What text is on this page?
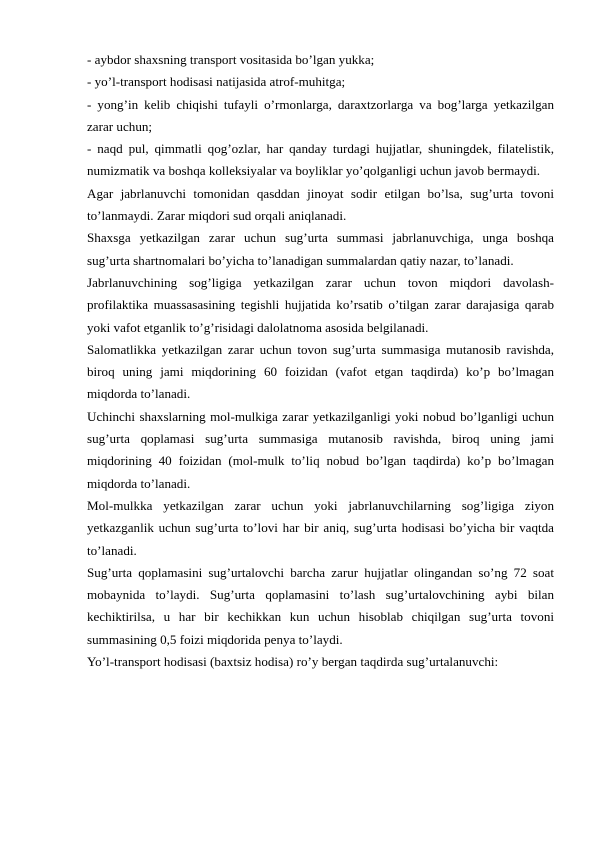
- aybdor shaxsning transport vositasida bo’lgan yukka;

- yo’l-transport hodisasi natijasida atrof-muhitga;

- yong’in kelib chiqishi tufayli o’rmonlarga, daraxtzorlarga va bog’larga yetkazilgan zarar uchun;

- naqd pul, qimmatli qog’ozlar, har qanday turdagi hujjatlar, shuningdek, filatelistik, numizmatik va boshqa kolleksiyalar va boyliklar yo’qolganligi uchun javob bermaydi.

Agar jabrlanuvchi tomonidan qasddan jinoyat sodir etilgan bo’lsa, sug’urta tovoni to’lanmaydi. Zarar miqdori sud orqali aniqlanadi.

Shaxsga yetkazilgan zarar uchun sug’urta summasi jabrlanuvchiga, unga boshqa sug’urta shartnomalari bo’yicha to’lanadigan summalardan qatiy nazar, to’lanadi.

Jabrlanuvchining sog’ligiga yetkazilgan zarar uchun tovon miqdori davolash-profilaktika muassasasining tegishli hujjatida ko’rsatib o’tilgan zarar darajasiga qarab yoki vafot etganlik to’g’risidagi dalolatnoma asosida belgilanadi.

Salomatlikka yetkazilgan zarar uchun tovon sug’urta summasiga mutanosib ravishda, biroq uning jami miqdorining 60 foizidan (vafot etgan taqdirda) ko’p bo’lmagan miqdorda to’lanadi.

Uchinchi shaxslarning mol-mulkiga zarar yetkazilganligi yoki nobud bo’lganligi uchun sug’urta qoplamasi sug’urta summasiga mutanosib ravishda, biroq uning jami miqdorining 40 foizidan (mol-mulk to’liq nobud bo’lgan taqdirda) ko’p bo’lmagan miqdorda to’lanadi.

Mol-mulkka yetkazilgan zarar uchun yoki jabrlanuvchilarning sog’ligiga ziyon yetkazganlik uchun sug’urta to’lovi har bir aniq, sug’urta hodisasi bo’yicha bir vaqtda to’lanadi.

Sug’urta qoplamasini sug’urtalovchi barcha zarur hujjatlar olingandan so’ng 72 soat mobaynida to’laydi. Sug’urta qoplamasini to’lash sug’urtalovchining aybi bilan kechiktirilsa, u har bir kechikkan kun uchun hisoblab chiqilgan sug’urta tovoni summasining 0,5 foizi miqdorida penya to’laydi.

Yo’l-transport hodisasi (baxtsiz hodisa) ro’y bergan taqdirda sug’urtalanuvchi:
